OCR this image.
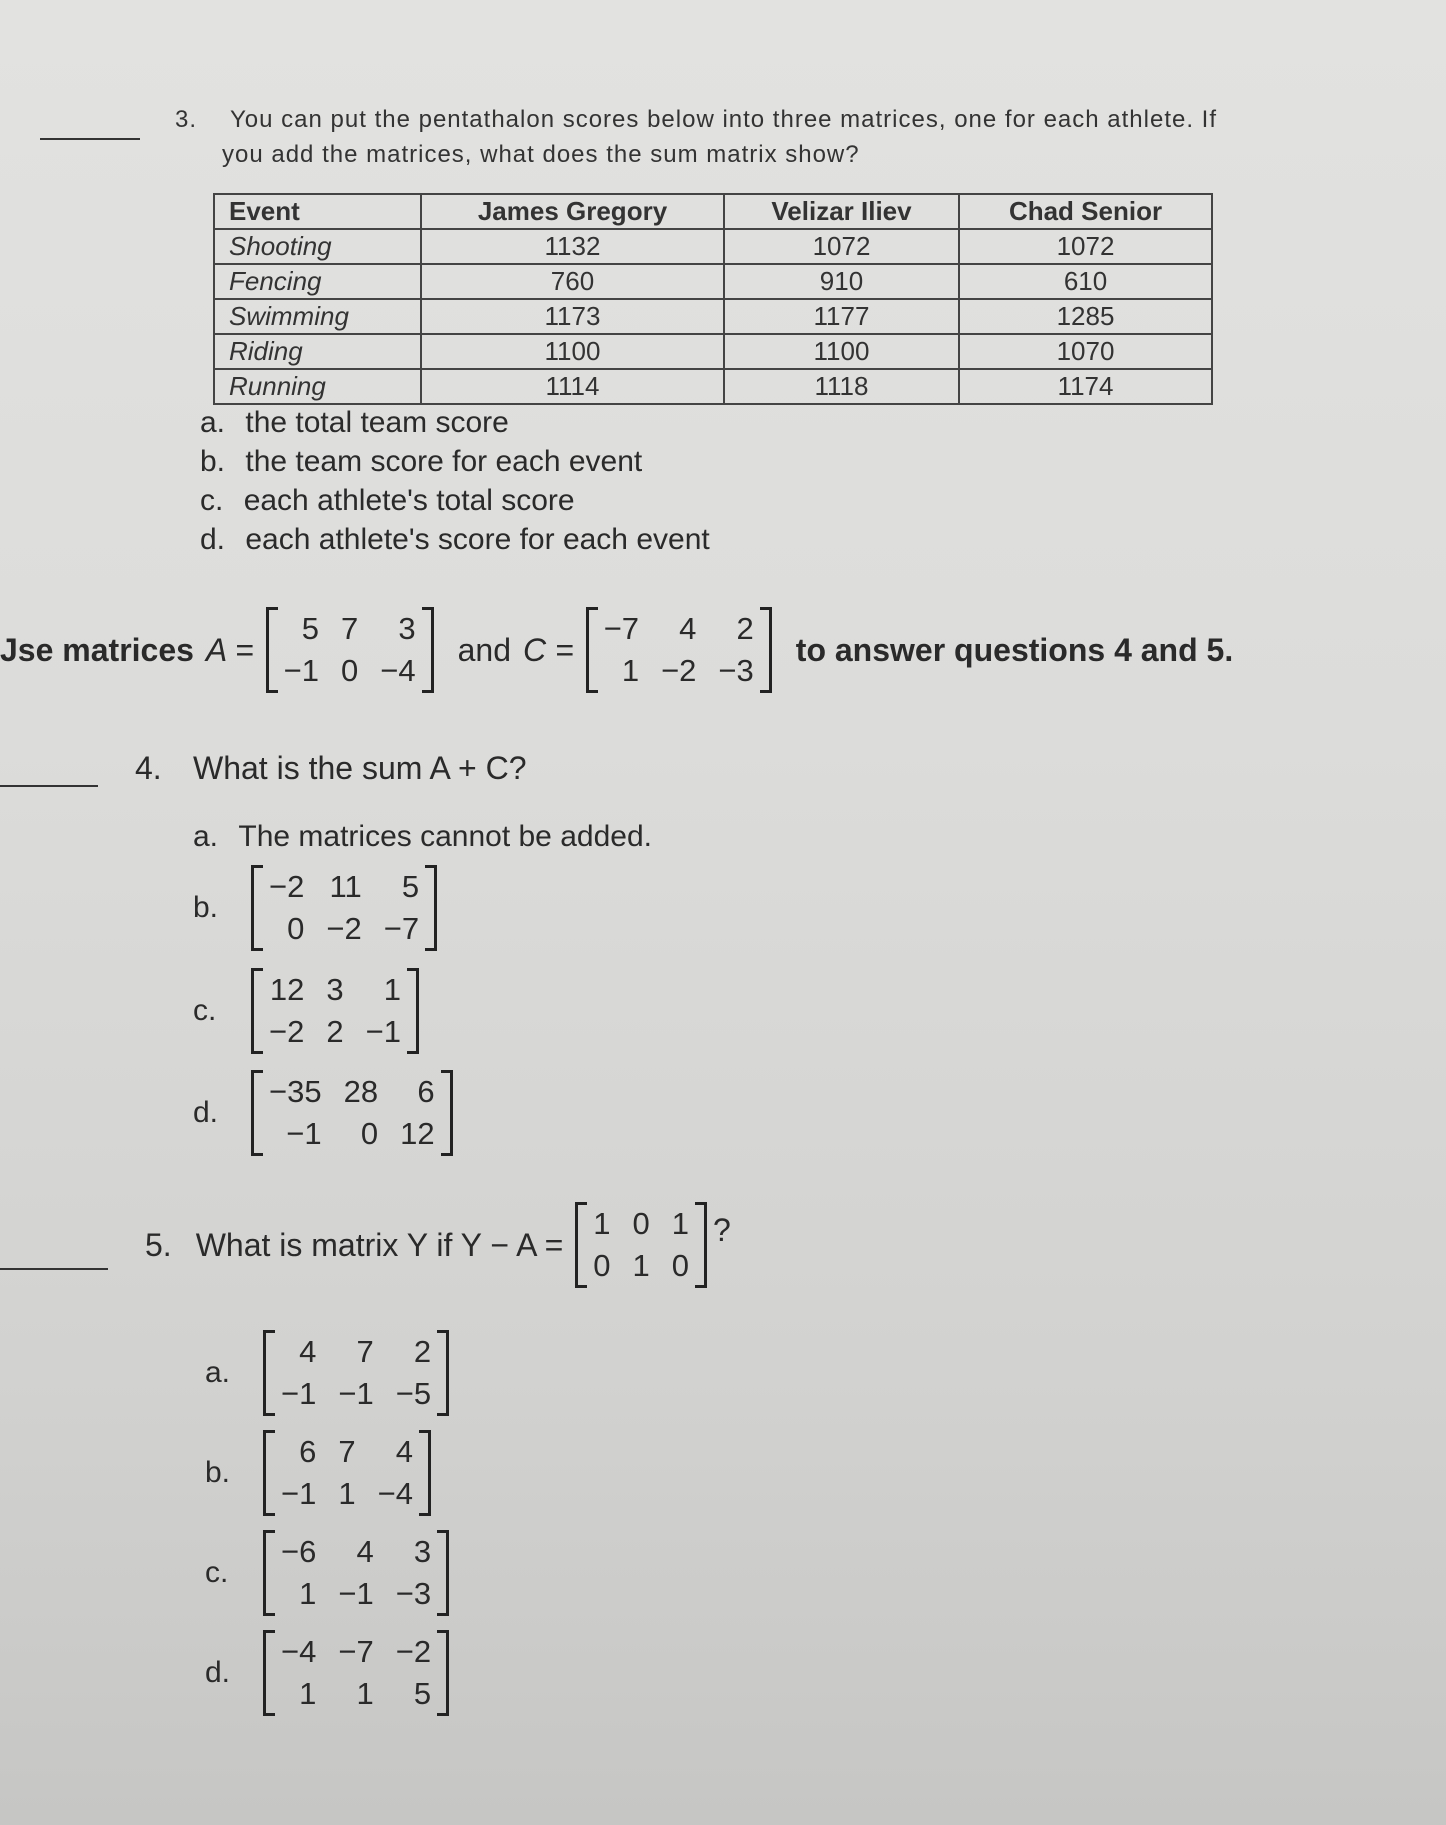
3. You can put the pentathalon scores below into three matrices, one for each athlete. If
you add the matrices, what does the sum matrix show?
Event	James Gregory	Velizar Iliev	Chad Senior
Shooting	1132	1072	1072
Fencing	760	910	610
Swimming	1173	1177	1285
Riding	1100	1100	1070
Running	1114	1118	1174
a. the total team score
b. the team score for each event
c. each athlete's total score
d. each athlete's score for each event
Jse matrices A =
5 7	3
−1 0 −4
and C =
−7	4	2
1 −2 −3
to answer questions 4 and 5.
4. What is the sum A + C?
a. The matrices cannot be added.
b.
−2 11	5
0 −2 −7
c.
12 3	1
−2 2 −1
d.
−35 28	6
−1	0 12
5. What is matrix Y if Y − A =
1 0 1
0 1 0
?
a.
4	7	2
−1 −1 −5
b.
6 7	4
−1 1 −4
c.
−6	4	3
1 −1 −3
d.
−4 −7 −2
1	1	5
